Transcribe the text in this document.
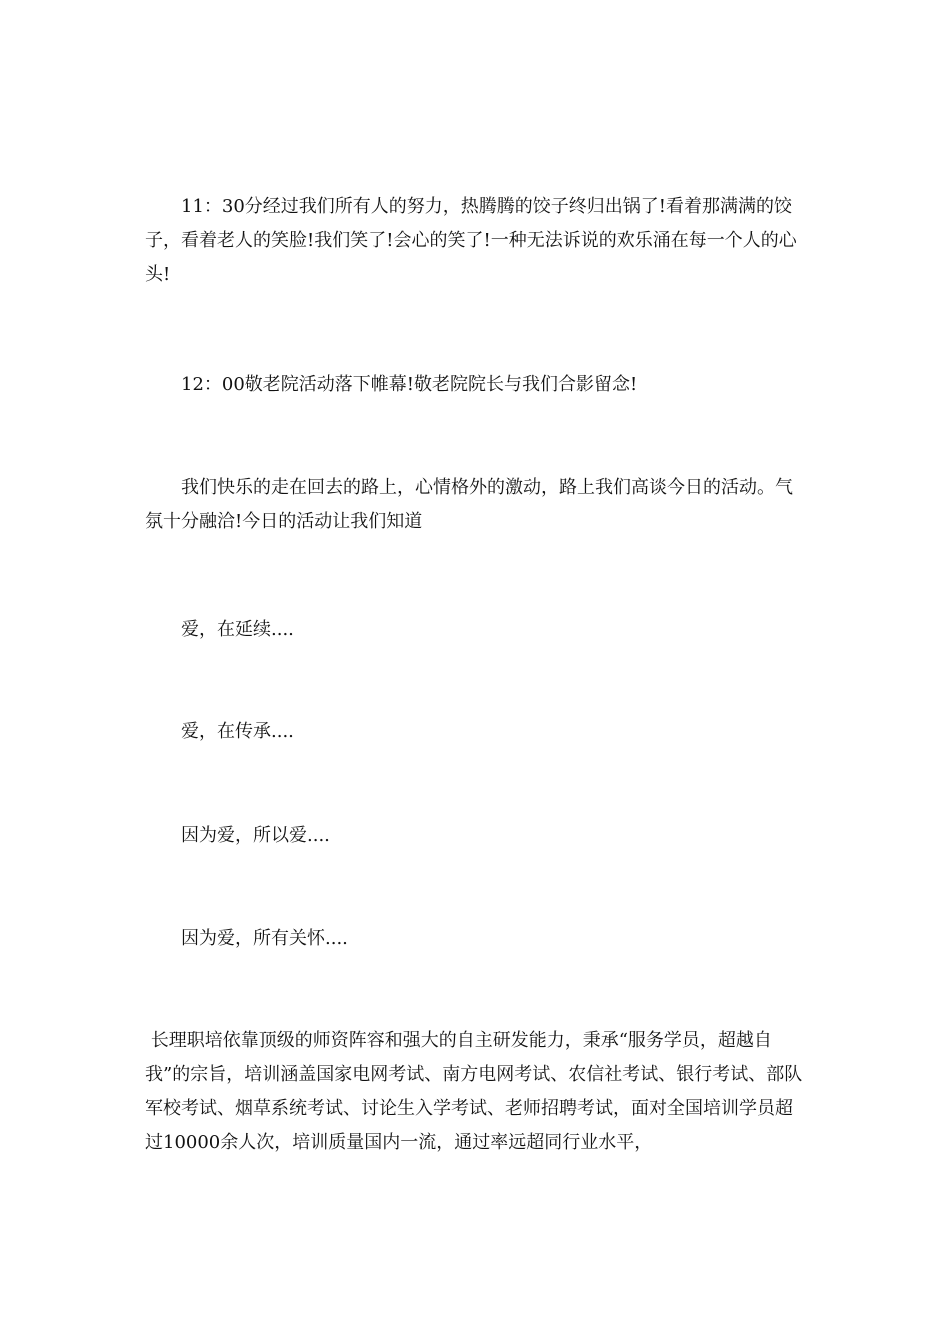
　　11：30分经过我们所有人的努力，热腾腾的饺子终归出锅了!看着那满满的饺子，看着老人的笑脸!我们笑了!会心的笑了!一种无法诉说的欢乐涌在每一个人的心头!

　　12：00敬老院活动落下帷幕!敬老院院长与我们合影留念!

　　我们快乐的走在回去的路上，心情格外的激动，路上我们高谈今日的活动。气氛十分融洽!今日的活动让我们知道

　　爱，在延续....

　　爱，在传承....

　　因为爱，所以爱....

　　因为爱，所有关怀....

长理职培依靠顶级的师资阵容和强大的自主研发能力，秉承“服务学员，超越自我”的宗旨，培训涵盖国家电网考试、南方电网考试、农信社考试、银行考试、部队军校考试、烟草系统考试、讨论生入学考试、老师招聘考试，面对全国培训学员超过10000余人次，培训质量国内一流，通过率远超同行业水平，
